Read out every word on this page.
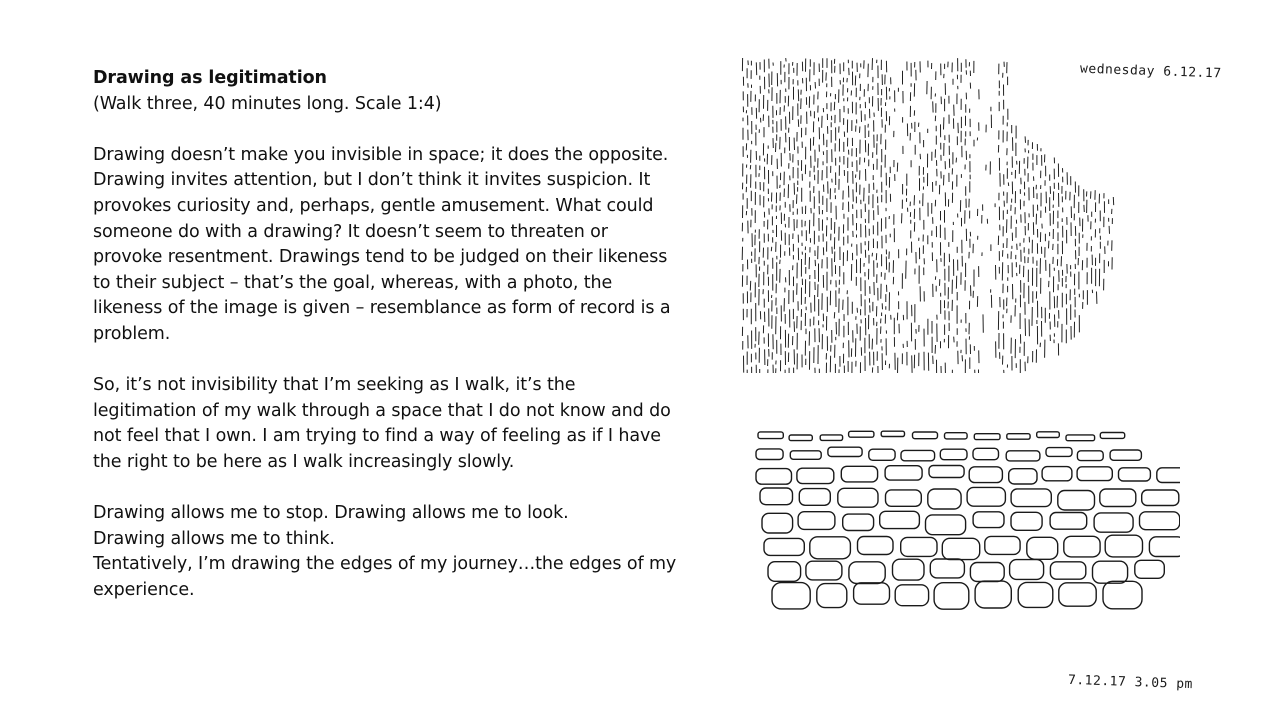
Drawing as legitimation
(Walk three, 40 minutes long. Scale 1:4)

Drawing doesn’t make you invisible in space; it does the opposite. Drawing invites attention, but I don’t think it invites suspicion. It provokes curiosity and, perhaps, gentle amusement. What could someone do with a drawing? It doesn’t seem to threaten or provoke resentment. Drawings tend to be judged on their likeness to their subject – that’s the goal, whereas, with a photo, the likeness of the image is given – resemblance as form of record is a problem.

So, it’s not invisibility that I’m seeking as I walk, it’s the legitimation of my walk through a space that I do not know and do not feel that I own. I am trying to find a way of feeling as if I have the right to be here as I walk increasingly slowly.

Drawing allows me to stop. Drawing allows me to look.
Drawing allows me to think.
Tentatively, I’m drawing the edges of my journey…the edges of my experience.

wednesday 6.12.17
7.12.17 3.05 pm
